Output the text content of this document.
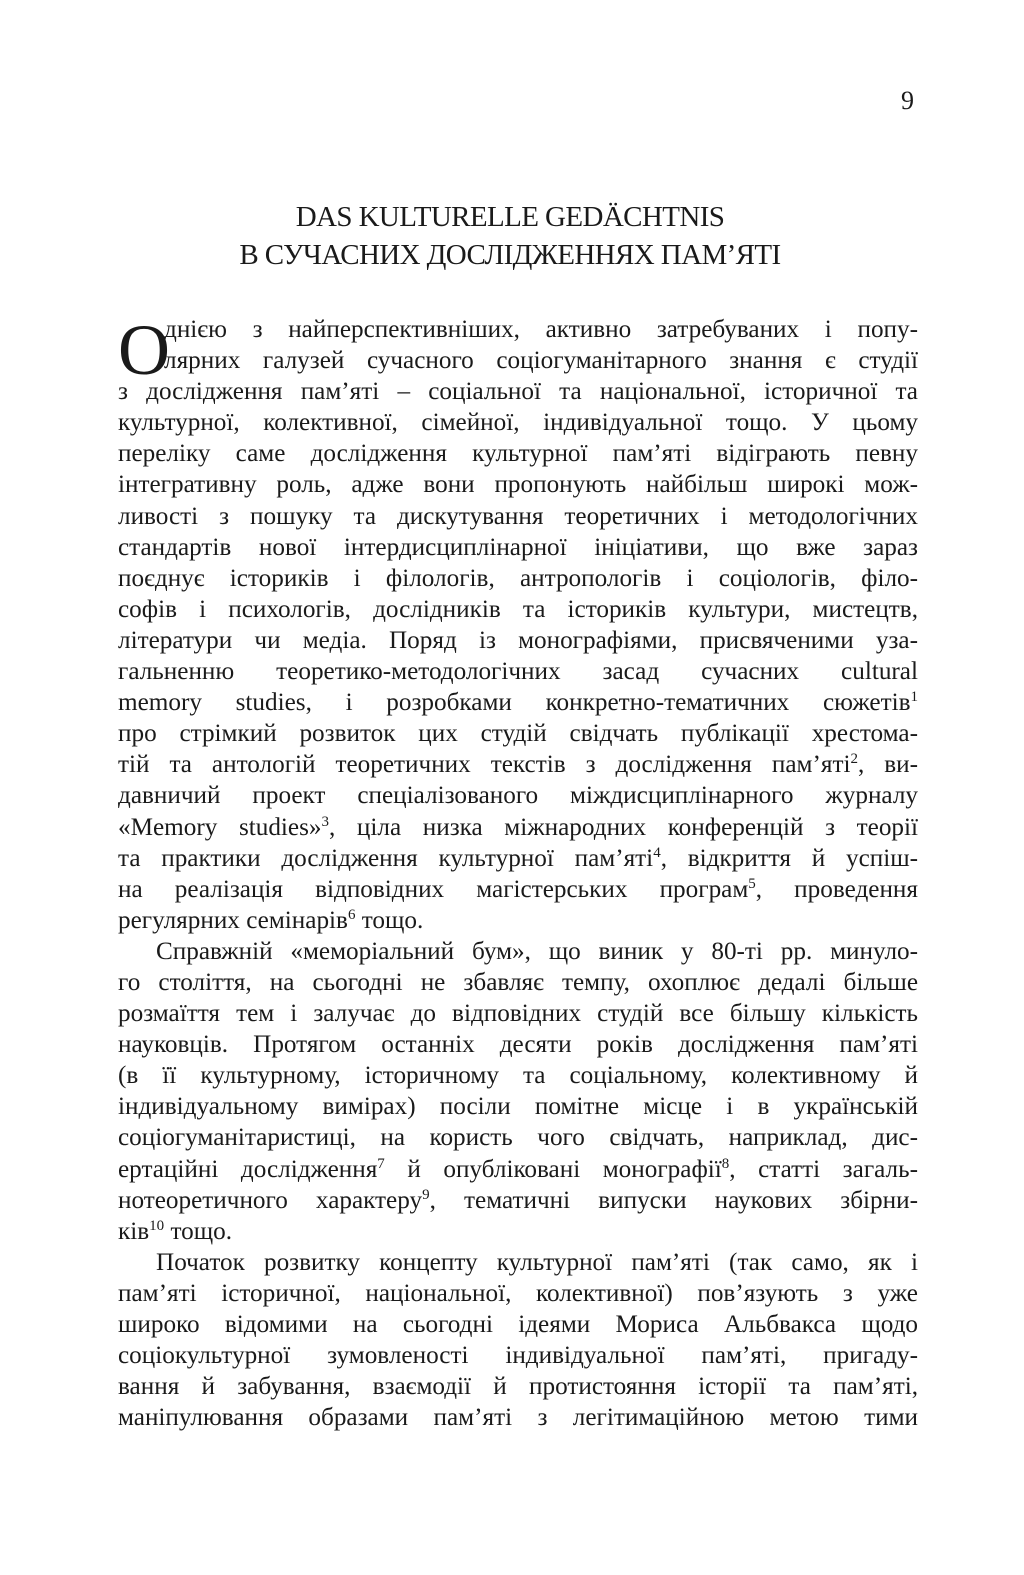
9
DAS KULTURELLE GEDÄCHTNIS
В СУЧАСНИХ ДОСЛІДЖЕННЯХ ПАМ’ЯТІ
О
днією з найперспективніших, активно затребуваних і попу-
лярних галузей сучасного соціогуманітарного знання є студії
з дослідження пам’яті – соціальної та національної, історичної та
культурної, колективної, сімейної, індивідуальної тощо. У цьому
переліку саме дослідження культурної пам’яті відіграють певну
інтегративну роль, адже вони пропонують найбільш широкі мож-
ливості з пошуку та дискутування теоретичних і методологічних
стандартів нової інтердисциплінарної ініціативи, що вже зараз
поєднує істориків і філологів, антропологів і соціологів, філо-
софів і психологів, дослідників та істориків культури, мистецтв,
літератури чи медіа. Поряд із монографіями, присвяченими уза-
гальненню теоретико-методологічних засад сучасних cultural
memory studies, і розробками конкретно-тематичних сюжетів$^1$
про стрімкий розвиток цих студій свідчать публікації хрестома-
тій та антологій теоретичних текстів з дослідження пам’яті$^2$, ви-
давничий проект спеціалізованого міждисциплінарного журналу
«Memory studies»$^3$, ціла низка міжнародних конференцій з теорії
та практики дослідження культурної пам’яті$^4$, відкриття й успіш-
на реалізація відповідних магістерських програм$^5$, проведення
регулярних семінарів$^6$ тощо.
Справжній «меморіальний бум», що виник у 80-ті рр. минуло-
го століття, на сьогодні не збавляє темпу, охоплює дедалі більше
розмаїття тем і залучає до відповідних студій все більшу кількість
науковців. Протягом останніх десяти років дослідження пам’яті
(в її культурному, історичному та соціальному, колективному й
індивідуальному вимірах) посіли помітне місце і в українській
соціогуманітаристиці, на користь чого свідчать, наприклад, дис-
ертаційні дослідження$^7$ й опубліковані монографії$^8$, статті загаль-
нотеоретичного характеру$^9$, тематичні випуски наукових збірни-
ків$^{10}$ тощо.
Початок розвитку концепту культурної пам’яті (так само, як і
пам’яті історичної, національної, колективної) пов’язують з уже
широко відомими на сьогодні ідеями Мориса Альбвакса щодо
соціокультурної зумовленості індивідуальної пам’яті, пригаду-
вання й забування, взаємодії й протистояння історії та пам’яті,
маніпулювання образами пам’яті з легітимаційною метою тими
